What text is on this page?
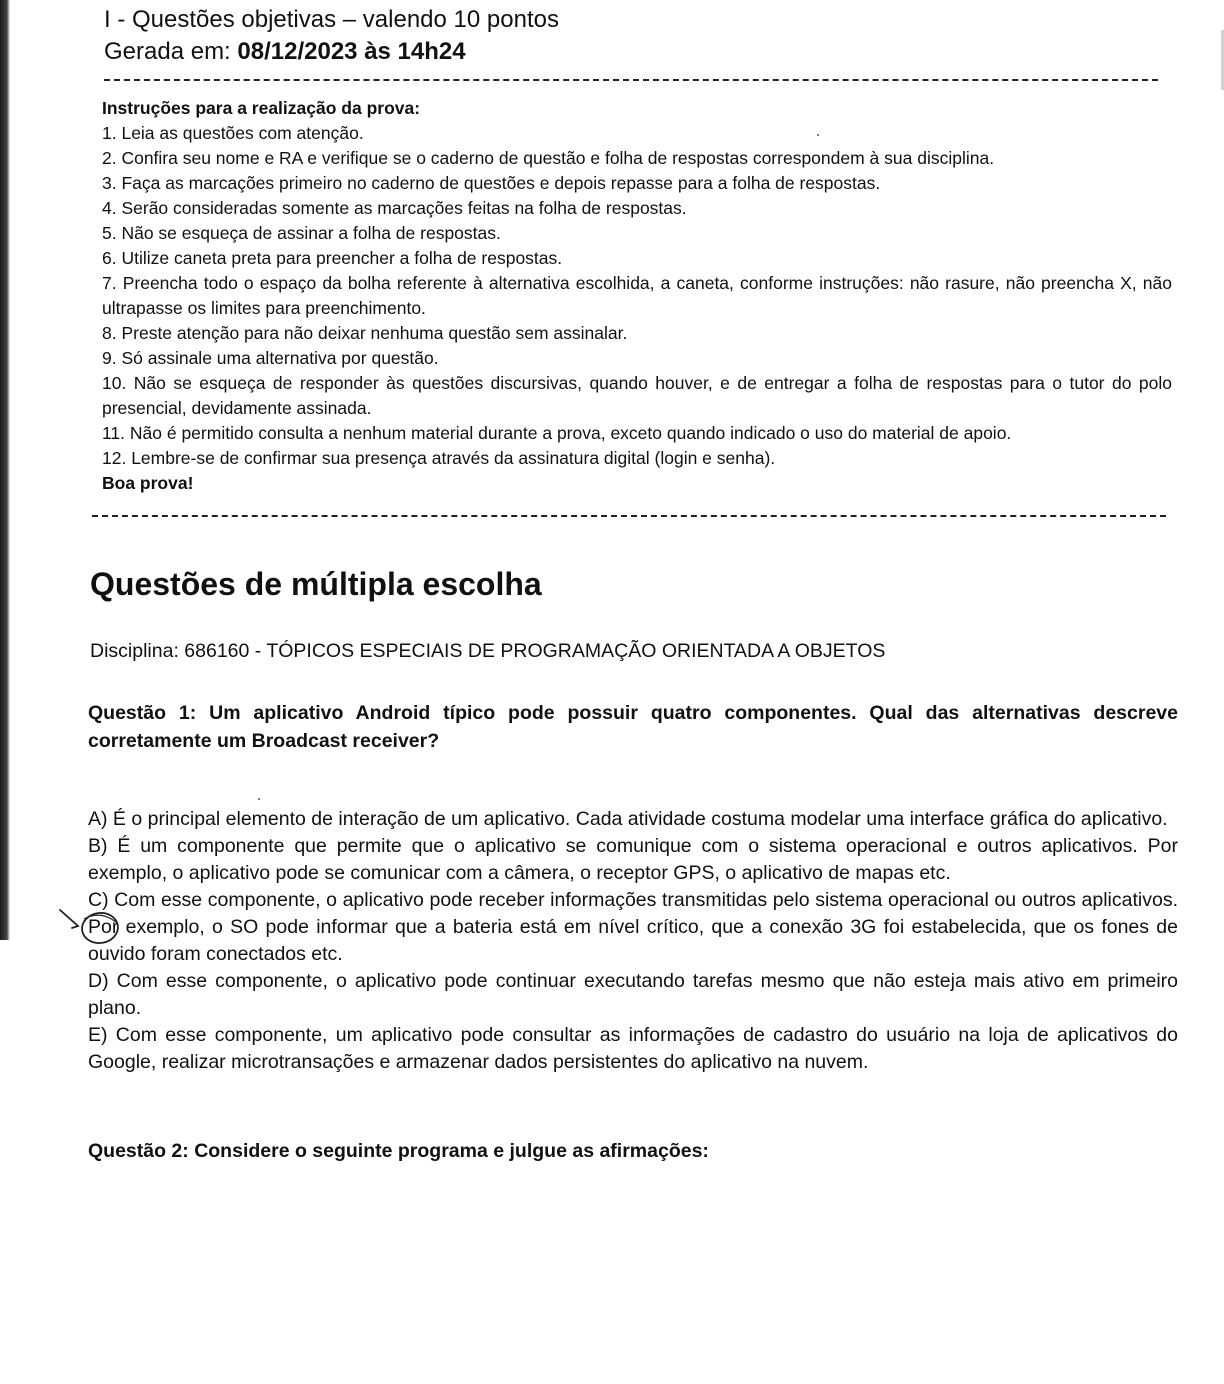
I - Questões objetivas – valendo 10 pontos
Gerada em: 08/12/2023 às 14h24

Instruções para a realização da prova:

1. Leia as questões com atenção.

2. Confira seu nome e RA e verifique se o caderno de questão e folha de respostas correspondem à sua disciplina.

3. Faça as marcações primeiro no caderno de questões e depois repasse para a folha de respostas.

4. Serão consideradas somente as marcações feitas na folha de respostas.

5. Não se esqueça de assinar a folha de respostas.

6. Utilize caneta preta para preencher a folha de respostas.

7. Preencha todo o espaço da bolha referente à alternativa escolhida, a caneta, conforme instruções: não rasure, não preencha X, não ultrapasse os limites para preenchimento.

8. Preste atenção para não deixar nenhuma questão sem assinalar.

9. Só assinale uma alternativa por questão.

10. Não se esqueça de responder às questões discursivas, quando houver, e de entregar a folha de respostas para o tutor do polo presencial, devidamente assinada.

11. Não é permitido consulta a nenhum material durante a prova, exceto quando indicado o uso do material de apoio.

12. Lembre-se de confirmar sua presença através da assinatura digital (login e senha).

Boa prova!

Questões de múltipla escolha
Disciplina: 686160 - TÓPICOS ESPECIAIS DE PROGRAMAÇÃO ORIENTADA A OBJETOS
Questão 1: Um aplicativo Android típico pode possuir quatro componentes. Qual das alternativas descreve corretamente um Broadcast receiver?

A) É o principal elemento de interação de um aplicativo. Cada atividade costuma modelar uma interface gráfica do aplicativo.

B) É um componente que permite que o aplicativo se comunique com o sistema operacional e outros aplicativos. Por exemplo, o aplicativo pode se comunicar com a câmera, o receptor GPS, o aplicativo de mapas etc.

C) Com esse componente, o aplicativo pode receber informações transmitidas pelo sistema operacional ou outros aplicativos. Por exemplo, o SO pode informar que a bateria está em nível crítico, que a conexão 3G foi estabelecida, que os fones de ouvido foram conectados etc.

D) Com esse componente, o aplicativo pode continuar executando tarefas mesmo que não esteja mais ativo em primeiro plano.

E) Com esse componente, um aplicativo pode consultar as informações de cadastro do usuário na loja de aplicativos do Google, realizar microtransações e armazenar dados persistentes do aplicativo na nuvem.

Questão 2: Considere o seguinte programa e julgue as afirmações:
